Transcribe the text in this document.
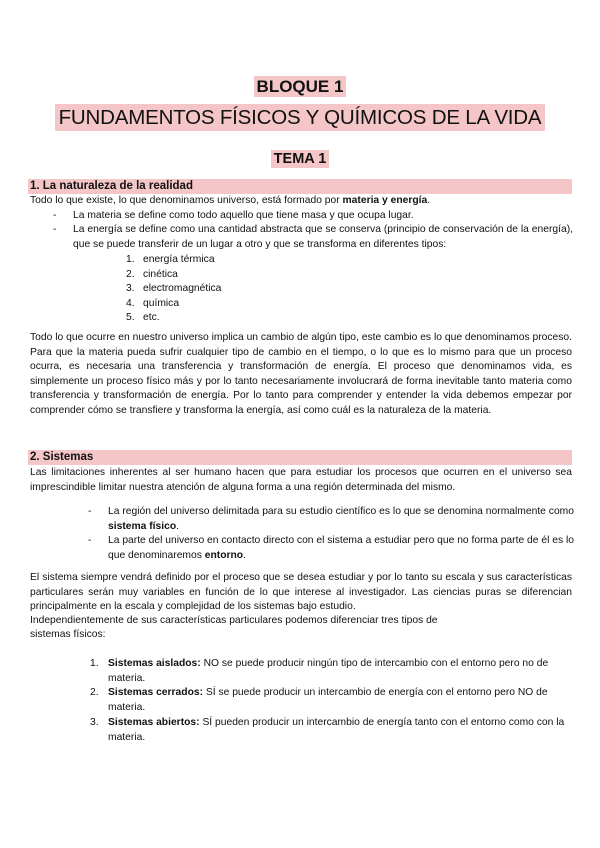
BLOQUE 1
FUNDAMENTOS FÍSICOS Y QUÍMICOS DE LA VIDA
TEMA 1
1. La naturaleza de la realidad
Todo lo que existe, lo que denominamos universo, está formado por materia y energía.
- La materia se define como todo aquello que tiene masa y que ocupa lugar.
- La energía se define como una cantidad abstracta que se conserva (principio de conservación de la energía), que se puede transferir de un lugar a otro y que se transforma en diferentes tipos:
1. energía térmica
2. cinética
3. electromagnética
4. química
5. etc.
Todo lo que ocurre en nuestro universo implica un cambio de algún tipo, este cambio es lo que denominamos proceso. Para que la materia pueda sufrir cualquier tipo de cambio en el tiempo, o lo que es lo mismo para que un proceso ocurra, es necesaria una transferencia y transformación de energía. El proceso que denominamos vida, es simplemente un proceso físico más y por lo tanto necesariamente involucrará de forma inevitable tanto materia como transferencia y transformación de energía. Por lo tanto para comprender y entender la vida debemos empezar por comprender cómo se transfiere y transforma la energía, así como cuál es la naturaleza de la materia.
2. Sistemas
Las limitaciones inherentes al ser humano hacen que para estudiar los procesos que ocurren en el universo sea imprescindible limitar nuestra atención de alguna forma a una región determinada del mismo.
- La región del universo delimitada para su estudio científico es lo que se denomina normalmente como sistema físico.
- La parte del universo en contacto directo con el sistema a estudiar pero que no forma parte de él es lo que denominaremos entorno.
El sistema siempre vendrá definido por el proceso que se desea estudiar y por lo tanto su escala y sus características particulares serán muy variables en función de lo que interese al investigador. Las ciencias puras se diferencian principalmente en la escala y complejidad de los sistemas bajo estudio.
Independientemente de sus características particulares podemos diferenciar tres tipos de
sistemas físicos:
1. Sistemas aislados: NO se puede producir ningún tipo de intercambio con el entorno pero no de materia.
2. Sistemas cerrados: SÍ se puede producir un intercambio de energía con el entorno pero NO de materia.
3. Sistemas abiertos: SÍ pueden producir un intercambio de energía tanto con el entorno como con la materia.
